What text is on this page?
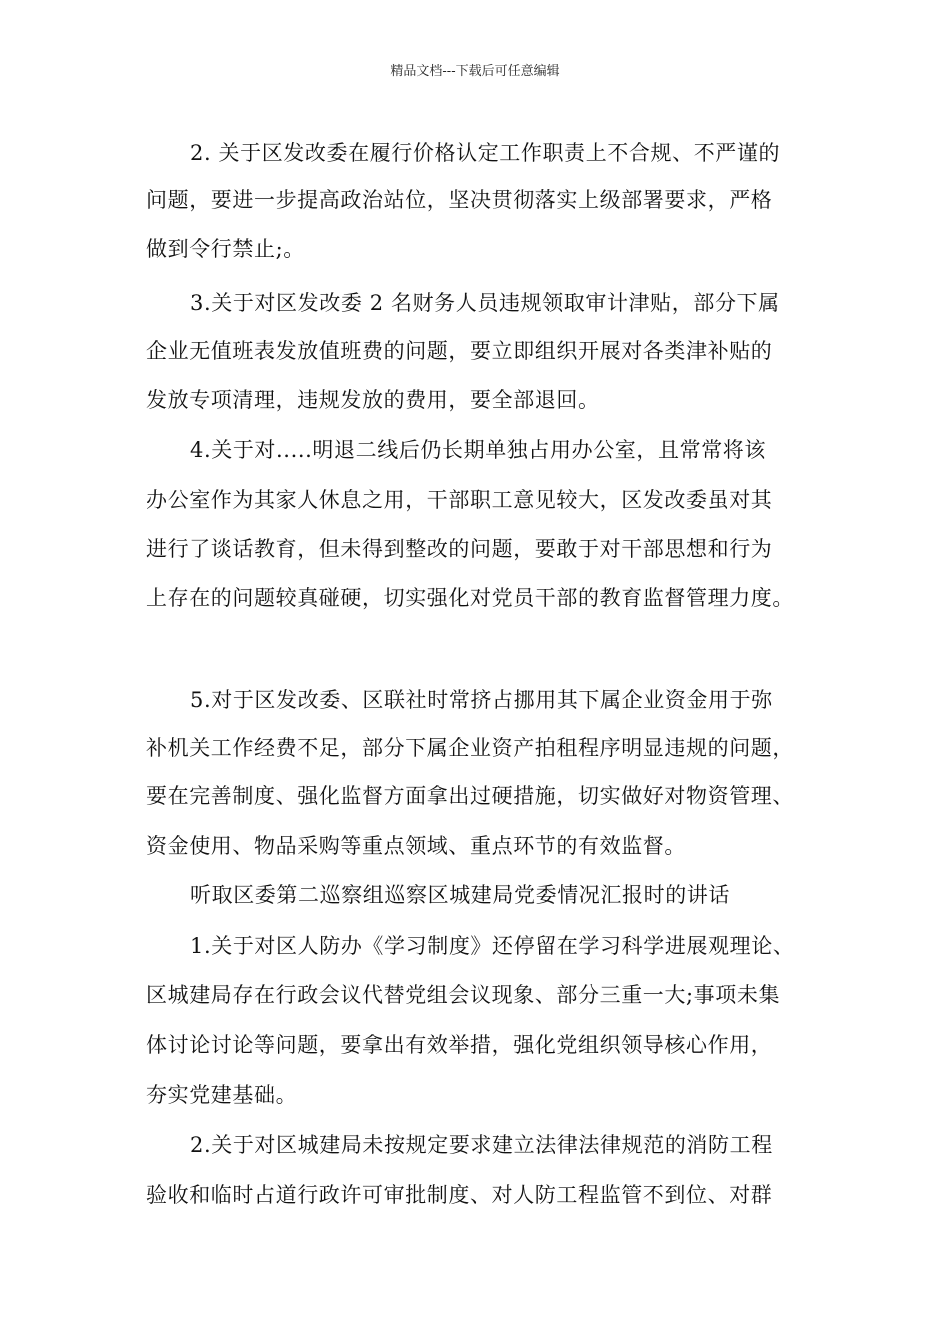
精品文档---下载后可任意编辑
2. 关于区发改委在履行价格认定工作职责上不合规、不严谨的
问题，要进一步提高政治站位，坚决贯彻落实上级部署要求，严格
做到令行禁止;。
3.关于对区发改委 2 名财务人员违规领取审计津贴，部分下属
企业无值班表发放值班费的问题，要立即组织开展对各类津补贴的
发放专项清理，违规发放的费用，要全部退回。
4.关于对.....明退二线后仍长期单独占用办公室，且常常将该
办公室作为其家人休息之用，干部职工意见较大，区发改委虽对其
进行了谈话教育，但未得到整改的问题，要敢于对干部思想和行为
上存在的问题较真碰硬，切实强化对党员干部的教育监督管理力度。
5.对于区发改委、区联社时常挤占挪用其下属企业资金用于弥
补机关工作经费不足，部分下属企业资产拍租程序明显违规的问题，
要在完善制度、强化监督方面拿出过硬措施，切实做好对物资管理、
资金使用、物品采购等重点领域、重点环节的有效监督。
听取区委第二巡察组巡察区城建局党委情况汇报时的讲话
1.关于对区人防办《学习制度》还停留在学习科学进展观理论、
区城建局存在行政会议代替党组会议现象、部分三重一大;事项未集
体讨论讨论等问题，要拿出有效举措，强化党组织领导核心作用，
夯实党建基础。
2.关于对区城建局未按规定要求建立法律法律规范的消防工程
验收和临时占道行政许可审批制度、对人防工程监管不到位、对群
